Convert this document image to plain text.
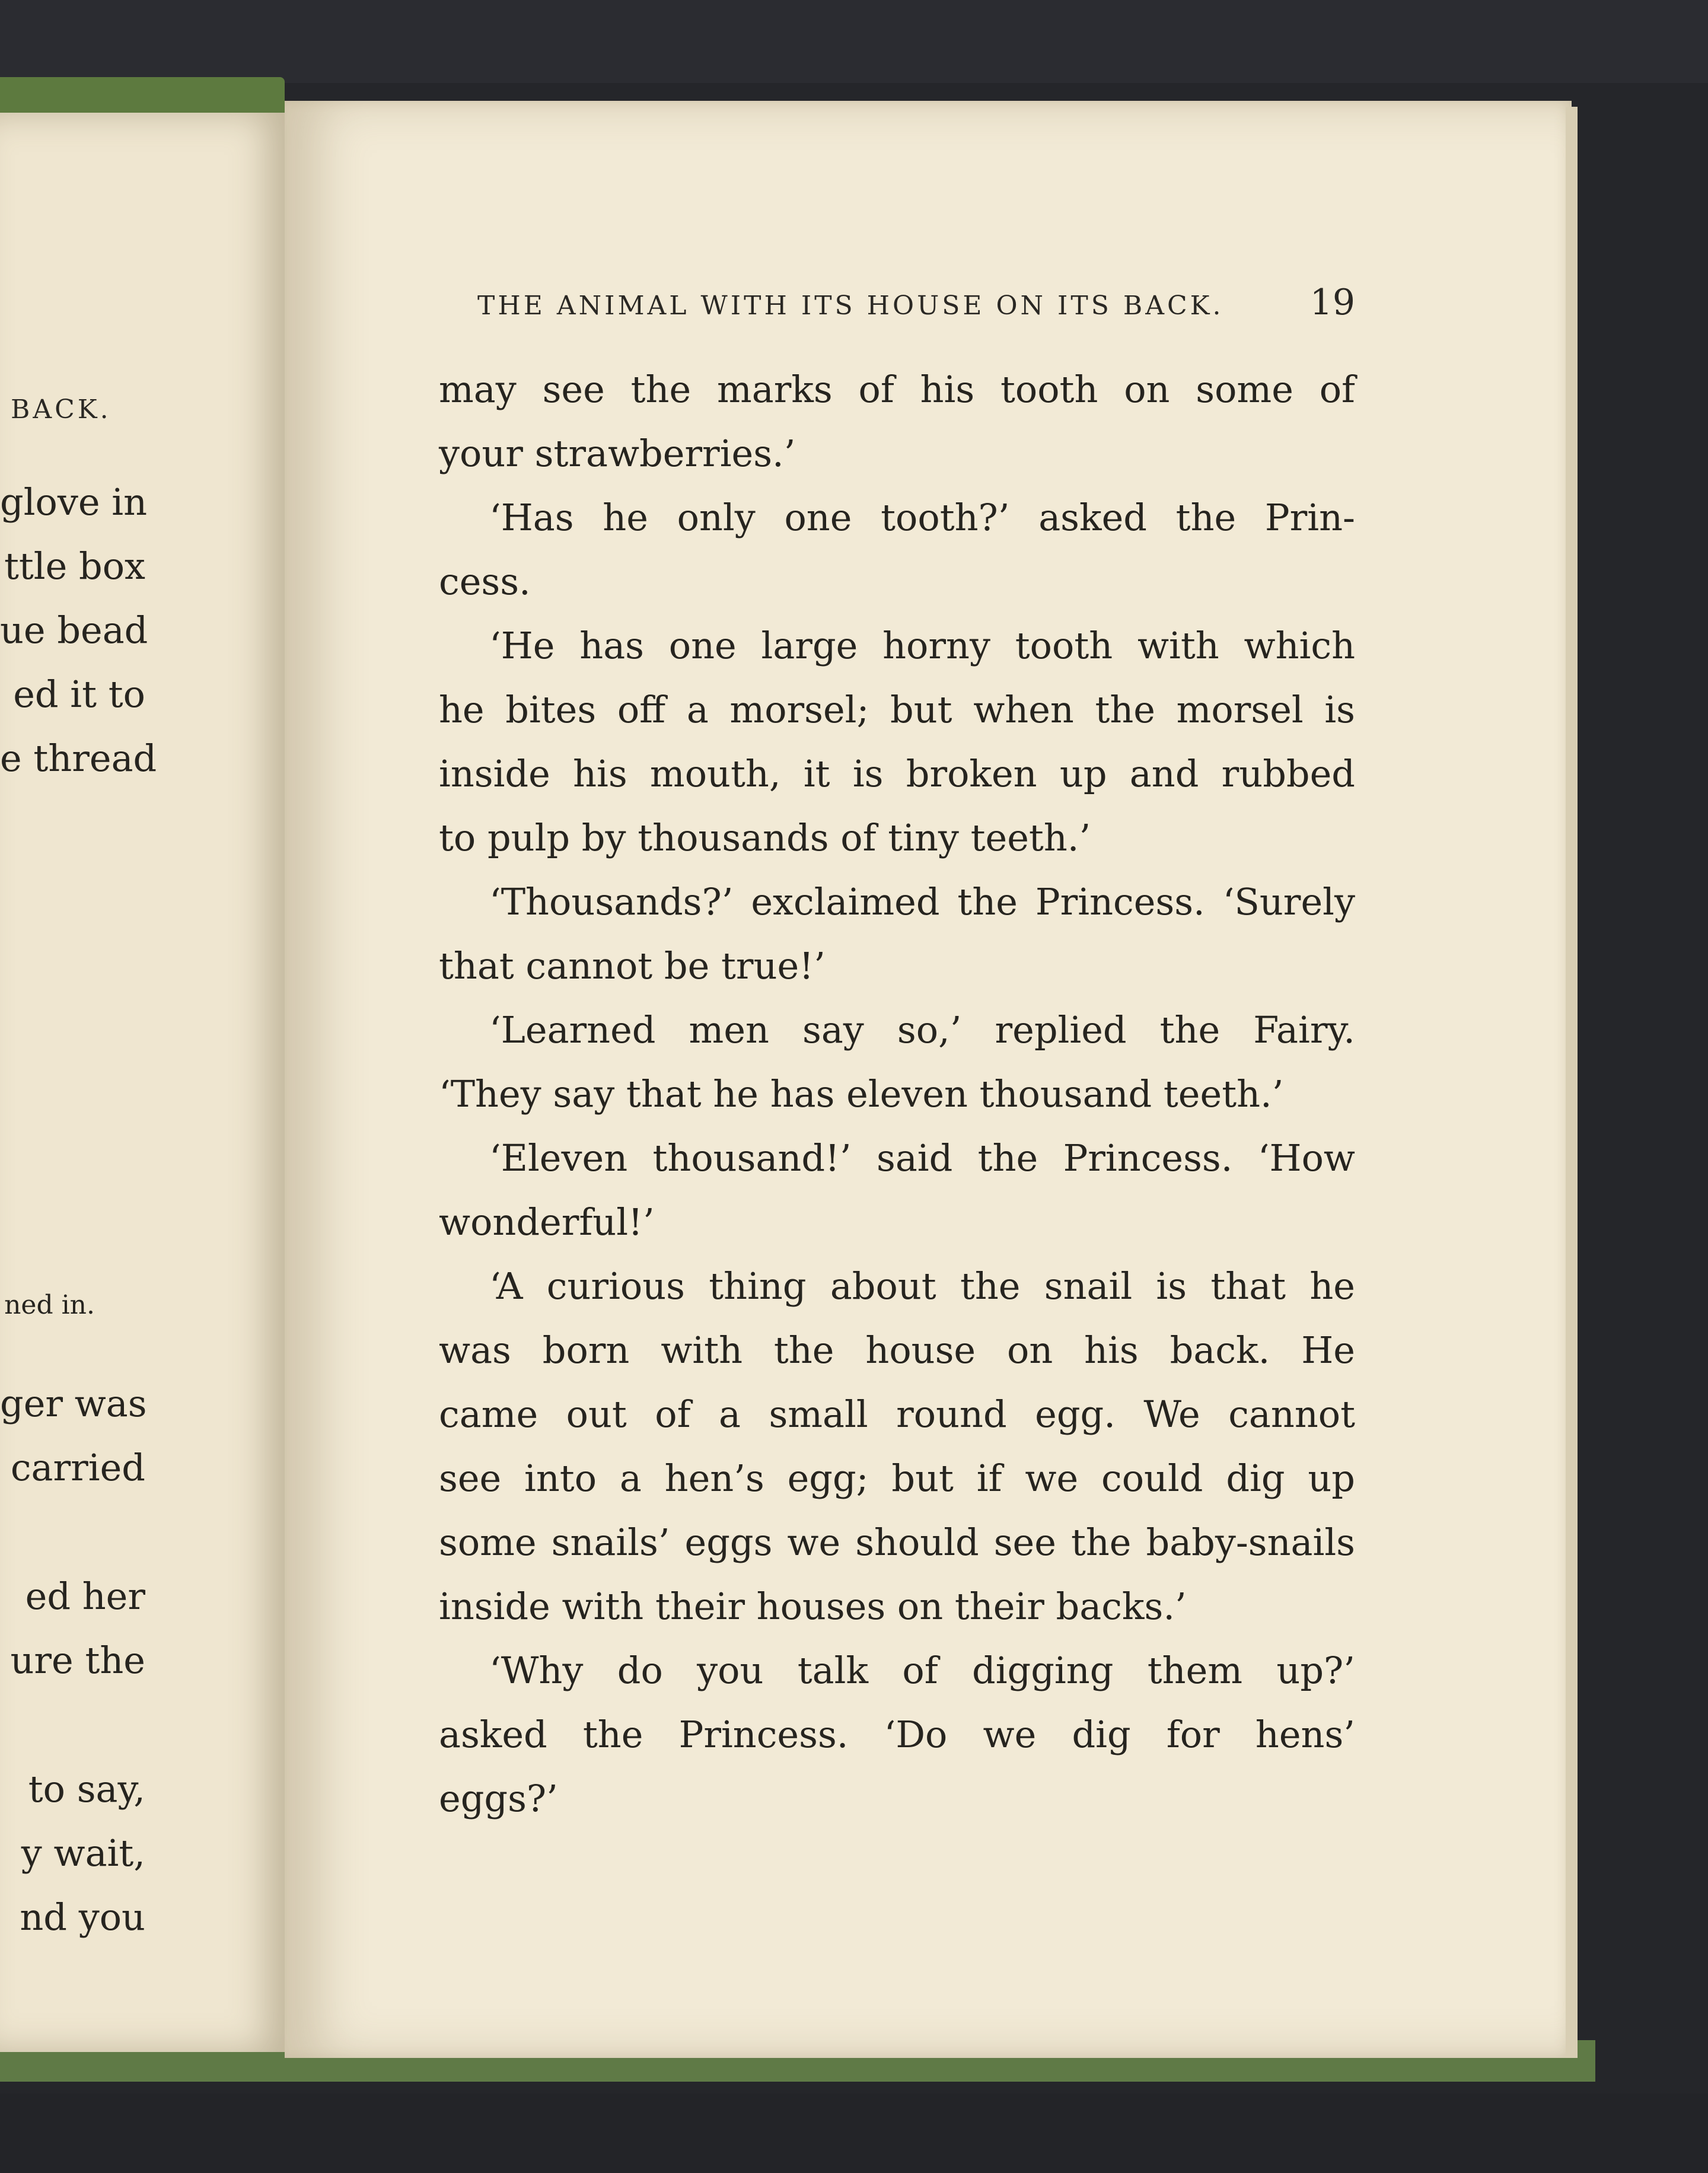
BACK.
glove in
ttle box
ue bead
ed it to
e thread
ned in.
ger was
carried
ed her
ure the
to say,
y wait,
nd you
THE ANIMAL WITH ITS HOUSE ON ITS BACK. 19
may see the marks of his tooth on some of
your strawberries.’
‘Has he only one tooth?’ asked the Prin-
cess.
‘He has one large horny tooth with which
he bites off a morsel; but when the morsel is
inside his mouth, it is broken up and rubbed
to pulp by thousands of tiny teeth.’
‘Thousands?’ exclaimed the Princess. ‘Surely
that cannot be true!’
‘Learned men say so,’ replied the Fairy.
‘They say that he has eleven thousand teeth.’
‘Eleven thousand!’ said the Princess. ‘How
wonderful!’
‘A curious thing about the snail is that he
was born with the house on his back. He
came out of a small round egg. We cannot
see into a hen’s egg; but if we could dig up
some snails’ eggs we should see the baby-snails
inside with their houses on their backs.’
‘Why do you talk of digging them up?’
asked the Princess. ‘Do we dig for hens’
eggs?’
